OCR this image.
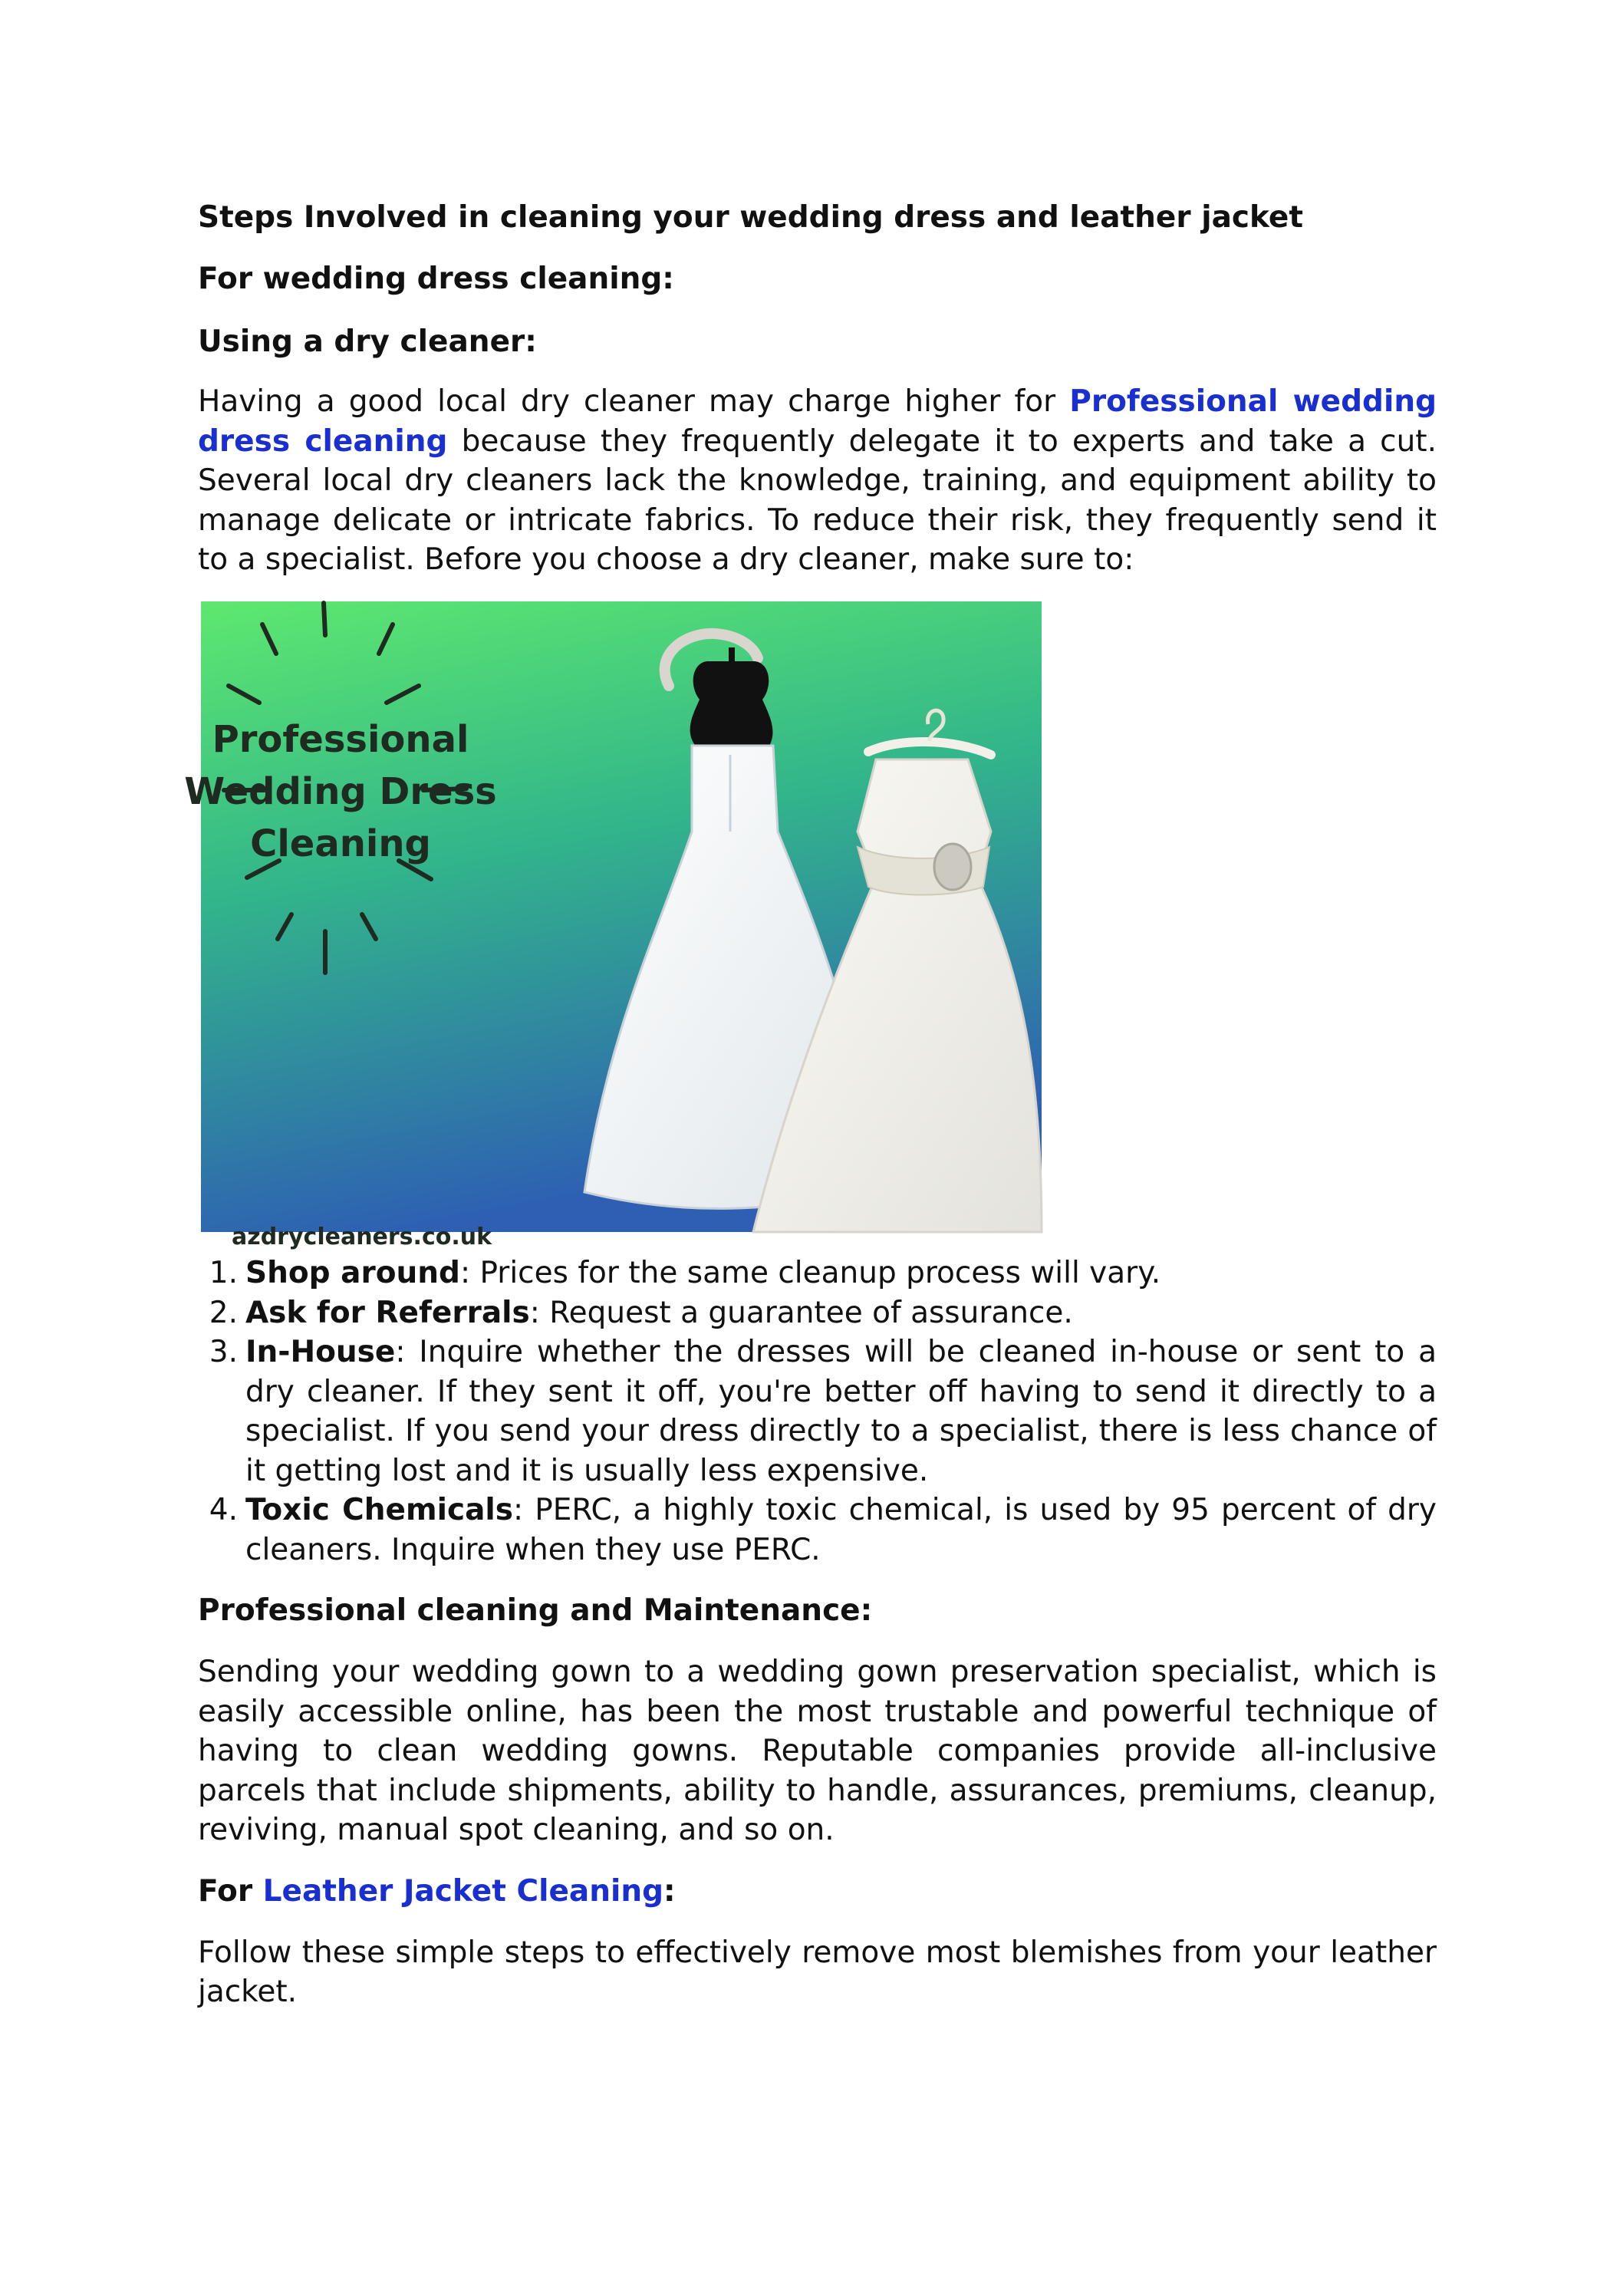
Steps Involved in cleaning your wedding dress and leather jacket

For wedding dress cleaning:

Using a dry cleaner:

Having a good local dry cleaner may charge higher for Professional wedding dress cleaning because they frequently delegate it to experts and take a cut. Several local dry cleaners lack the knowledge, training, and equipment ability to manage delicate or intricate fabrics. To reduce their risk, they frequently send it to a specialist. Before you choose a dry cleaner, make sure to:

Professional
Wedding Dress
Cleaning
azdrycleaners.co.uk
1. Shop around: Prices for the same cleanup process will vary.
2. Ask for Referrals: Request a guarantee of assurance.
3. In-House: Inquire whether the dresses will be cleaned in-house or sent to a dry cleaner. If they sent it off, you're better off having to send it directly to a specialist. If you send your dress directly to a specialist, there is less chance of it getting lost and it is usually less expensive.
4. Toxic Chemicals: PERC, a highly toxic chemical, is used by 95 percent of dry cleaners. Inquire when they use PERC.

Professional cleaning and Maintenance:

Sending your wedding gown to a wedding gown preservation specialist, which is easily accessible online, has been the most trustable and powerful technique of having to clean wedding gowns. Reputable companies provide all-inclusive parcels that include shipments, ability to handle, assurances, premiums, cleanup, reviving, manual spot cleaning, and so on.

For Leather Jacket Cleaning:

Follow these simple steps to effectively remove most blemishes from your leather jacket.
